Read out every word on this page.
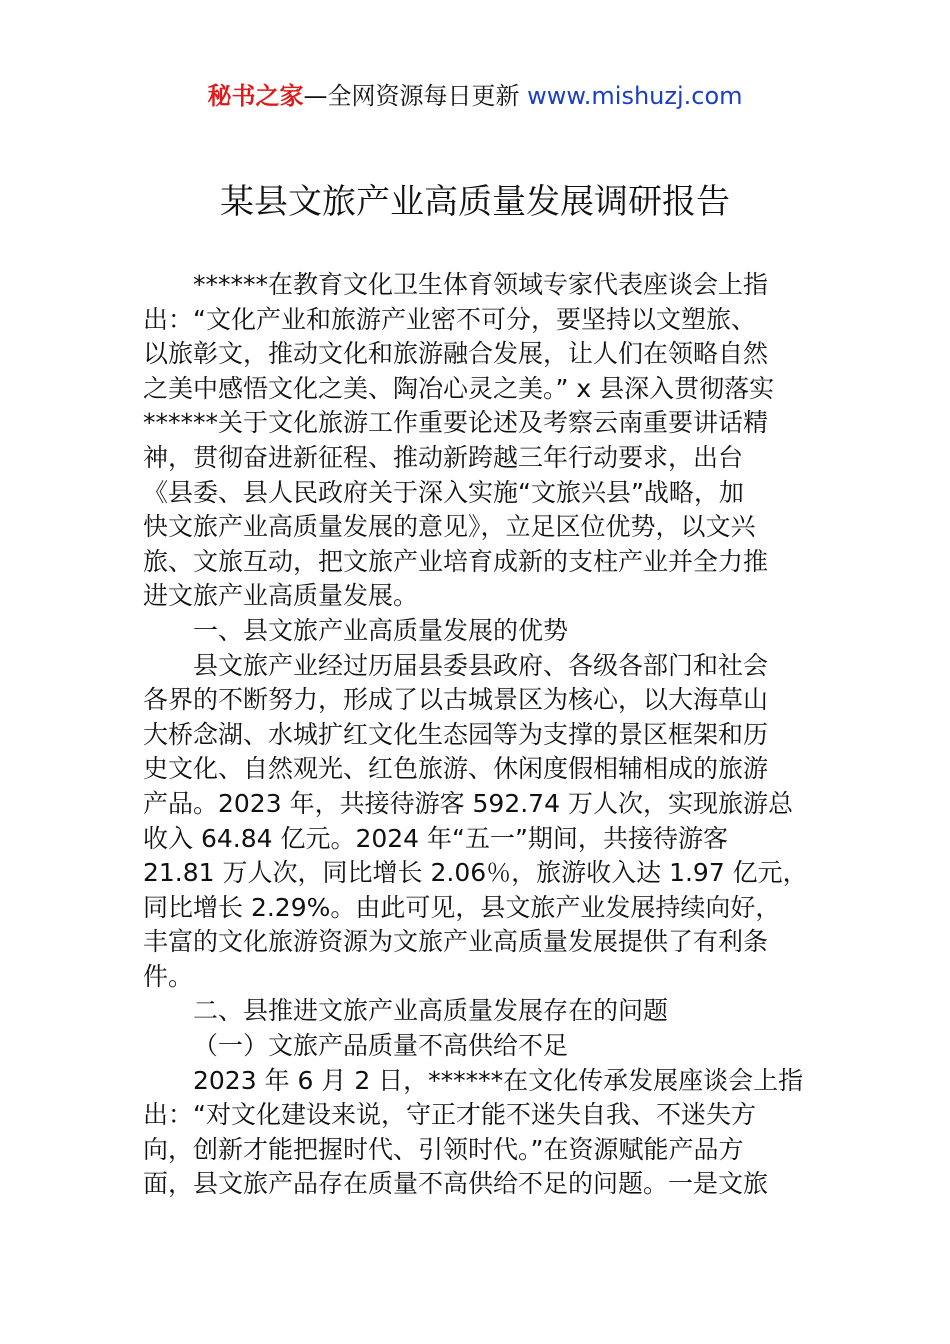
秘书之家—全网资源每日更新 www.mishuzj.com
某县文旅产业高质量发展调研报告
******在教育文化卫生体育领域专家代表座谈会上指
出：“文化产业和旅游产业密不可分，要坚持以文塑旅、
以旅彰文，推动文化和旅游融合发展，让人们在领略自然
之美中感悟文化之美、陶冶心灵之美。” x 县深入贯彻落实
******关于文化旅游工作重要论述及考察云南重要讲话精
神，贯彻奋进新征程、推动新跨越三年行动要求，出台
《县委、县人民政府关于深入实施“文旅兴县”战略，加
快文旅产业高质量发展的意见》，立足区位优势，以文兴
旅、文旅互动，把文旅产业培育成新的支柱产业并全力推
进文旅产业高质量发展。
一、县文旅产业高质量发展的优势
县文旅产业经过历届县委县政府、各级各部门和社会
各界的不断努力，形成了以古城景区为核心，以大海草山
大桥念湖、水城扩红文化生态园等为支撑的景区框架和历
史文化、自然观光、红色旅游、休闲度假相辅相成的旅游
产品。2023 年，共接待游客 592.74 万人次，实现旅游总
收入 64.84 亿元。2024 年“五一”期间，共接待游客
21.81 万人次，同比增长 2.06％，旅游收入达 1.97 亿元，
同比增长 2.29%。由此可见，县文旅产业发展持续向好，
丰富的文化旅游资源为文旅产业高质量发展提供了有利条
件。
二、县推进文旅产业高质量发展存在的问题
（一）文旅产品质量不高供给不足
2023 年 6 月 2 日，******在文化传承发展座谈会上指
出：“对文化建设来说，守正才能不迷失自我、不迷失方
向，创新才能把握时代、引领时代。”在资源赋能产品方
面，县文旅产品存在质量不高供给不足的问题。一是文旅
